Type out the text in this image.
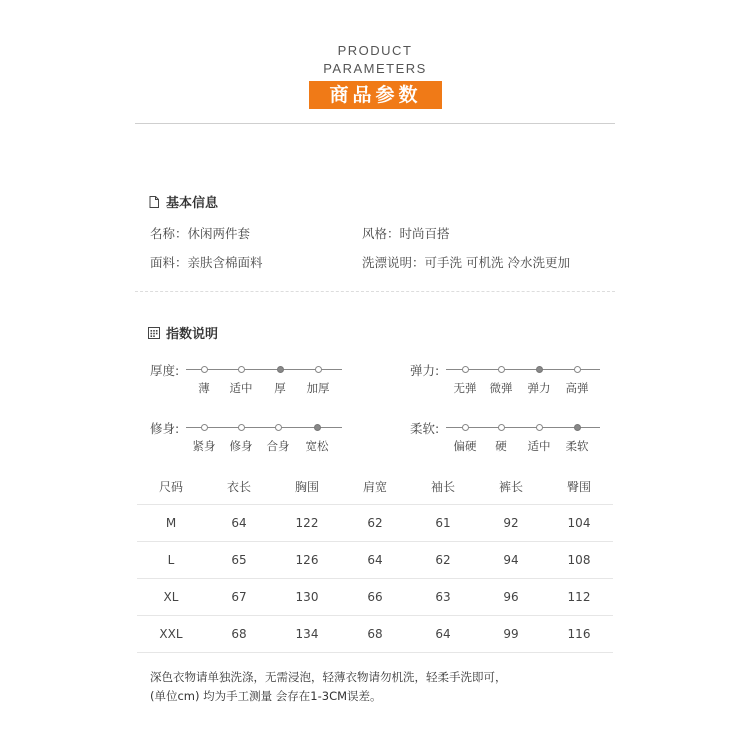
PRODUCT
PARAMETERS
商品参数
基本信息
名称：休闲两件套	风格：时尚百搭
面料：亲肤含棉面料	洗漂说明：可手洗 可机洗 冷水洗更加
指数说明
厚度:
薄	适中	厚	加厚
弹力:
无弹	微弹	弹力	高弹
修身:
紧身	修身	合身	宽松
柔软:
偏硬	硬	适中	柔软
尺码	衣长	胸围	肩宽	袖长	裤长	臀围
M	64	122	62	61	92	104
L	65	126	64	62	94	108
XL	67	130	66	63	96	112
XXL	68	134	68	64	99	116
深色衣物请单独洗涤，无需浸泡，轻薄衣物请勿机洗，轻柔手洗即可，
(单位cm) 均为手工测量 会存在1-3CM误差。
